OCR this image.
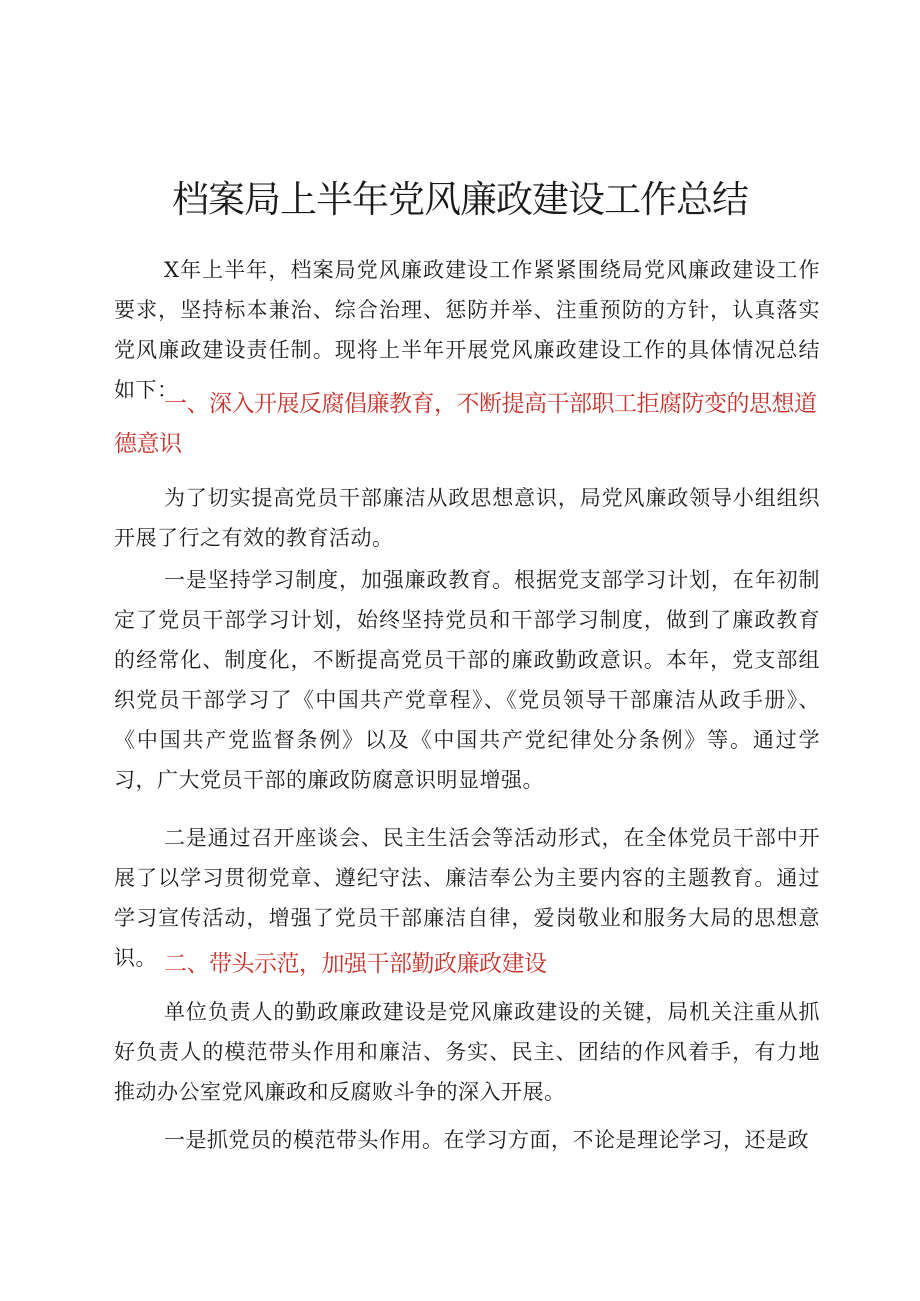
档案局上半年党风廉政建设工作总结

X年上半年，档案局党风廉政建设工作紧紧围绕局党风廉政建设工作要求，坚持标本兼治、综合治理、惩防并举、注重预防的方针，认真落实党风廉政建设责任制。现将上半年开展党风廉政建设工作的具体情况总结如下：

一、深入开展反腐倡廉教育，不断提高干部职工拒腐防变的思想道德意识

为了切实提高党员干部廉洁从政思想意识，局党风廉政领导小组组织开展了行之有效的教育活动。

一是坚持学习制度，加强廉政教育。根据党支部学习计划，在年初制定了党员干部学习计划，始终坚持党员和干部学习制度，做到了廉政教育的经常化、制度化，不断提高党员干部的廉政勤政意识。本年，党支部组织党员干部学习了《中国共产党章程》、《党员领导干部廉洁从政手册》、《中国共产党监督条例》以及《中国共产党纪律处分条例》等。通过学习，广大党员干部的廉政防腐意识明显增强。

二是通过召开座谈会、民主生活会等活动形式，在全体党员干部中开展了以学习贯彻党章、遵纪守法、廉洁奉公为主要内容的主题教育。通过学习宣传活动，增强了党员干部廉洁自律，爱岗敬业和服务大局的思想意识。 二、带头示范，加强干部勤政廉政建设

单位负责人的勤政廉政建设是党风廉政建设的关键，局机关注重从抓好负责人的模范带头作用和廉洁、务实、民主、团结的作风着手，有力地推动办公室党风廉政和反腐败斗争的深入开展。

一是抓党员的模范带头作用。在学习方面，不论是理论学习，还是政
